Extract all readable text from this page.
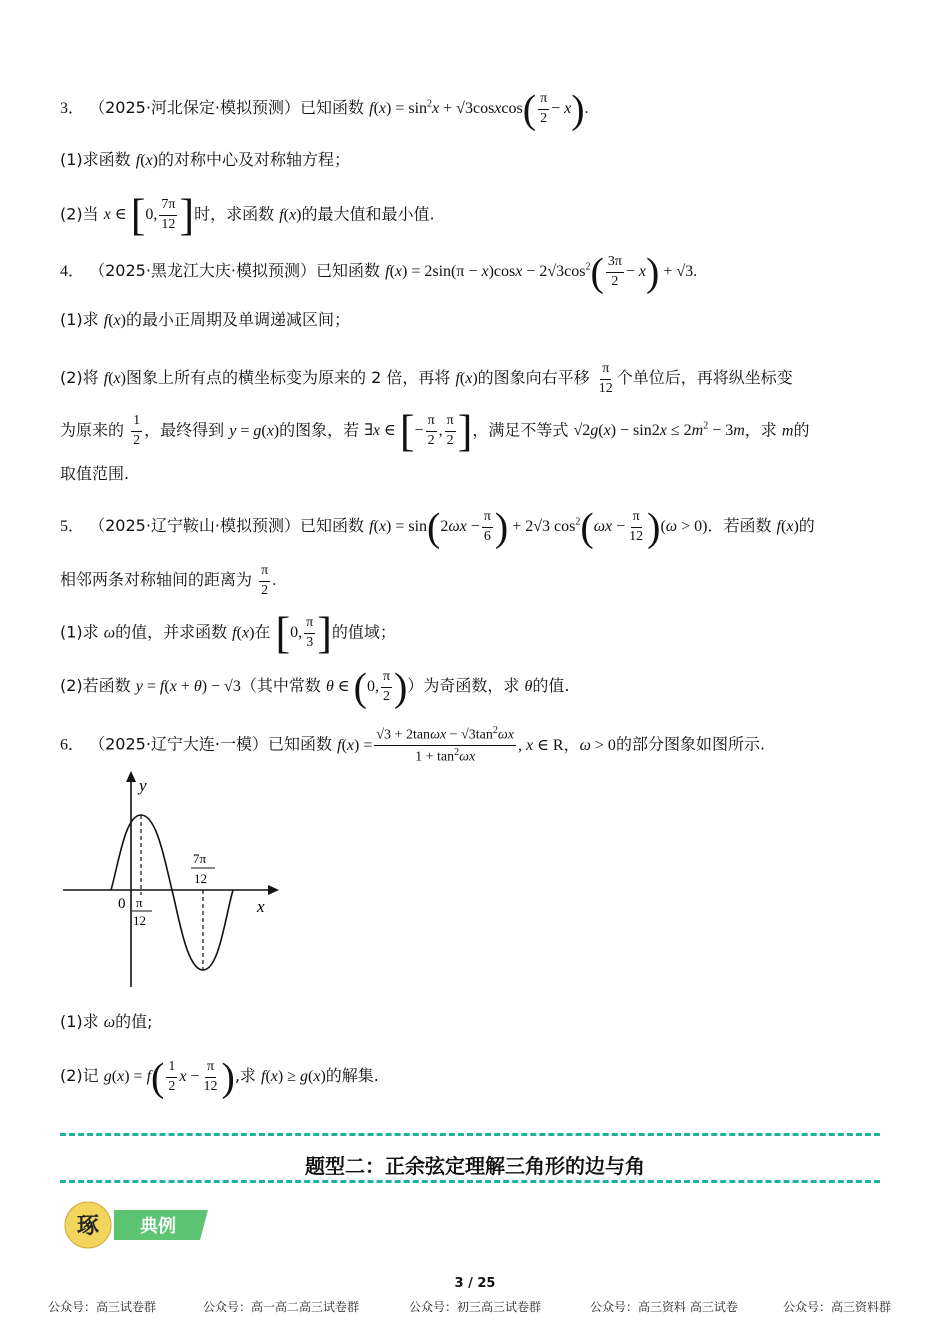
3． （2025·河北保定·模拟预测）已知函数 $f(x) = \sin^2x$ + √3cosxcos( $\frac{\pi}{2} - x$).
(1)求函数 f(x)的对称中心及对称轴方程；
(2)当 x ∈ [0, $\frac{7\pi}{12}$ ]时，求函数 f(x)的最大值和最小值.
4． （2025·黑龙江大庆·模拟预测）已知函数 $f(x) = 2\sin(\pi - x)\cos x - 2√3\cos^2( \frac{3\pi}{2} - x) + √3$.
(1)求 f(x)的最小正周期及单调递减区间；
(2)将 f(x)图象上所有点的横坐标变为原来的 2 倍，再将 f(x)的图象向右平移 $\frac{\pi}{12}$ 个单位后，再将纵坐标变
为原来的 $\frac{1}{2}$ ，最终得到 y = g(x)的图象，若 ∃x ∈ [− $\frac{\pi}{2}$ , $\frac{\pi}{2}$ ]，满足不等式 $√2g(x) - \sin 2x \le 2m^2 - 3m$，求 m的
取值范围.
5． （2025·辽宁鞍山·模拟预测）已知函数 $f(x) = \sin(2\omega x - \frac{\pi}{6}$ ) + 2√3 $\cos^2(\omega x - \frac{\pi}{12} )(\omega > 0)$．若函数 f(x)的
相邻两条对称轴间的距离为 $\frac{\pi}{2}$ .
(1)求 ω的值，并求函数 f(x)在 [0, $\frac{\pi}{3}$ ]的值域；
(2)若函数 y = f(x + θ) − √3（其中常数 θ ∈ (0, $\frac{\pi}{2}$ )）为奇函数，求 θ的值.
6． （2025·辽宁大连·一模）已知函数 $f(x) = \frac{√3 + 2\tan\omega x - √3\tan^2\omega x}{1 + \tan^2\omega x}$ , x ∈ R，ω > 0的部分图象如图所示.
y
x
0 π
12
7π
12
(1)求 ω的值;
(2)记 $g(x) = f( \frac{1}{2}$ $x - \frac{\pi}{12}$ ),求 f(x) ≥ g(x)的解集.
题型二：正余弦定理解三角形的边与角
琢 典例
3 / 25
公众号：高三试卷群	公众号：高一高二高三试卷群	公众号：初三高三试卷群	公众号：高三资料 高三试卷	公众号：高三资料群
